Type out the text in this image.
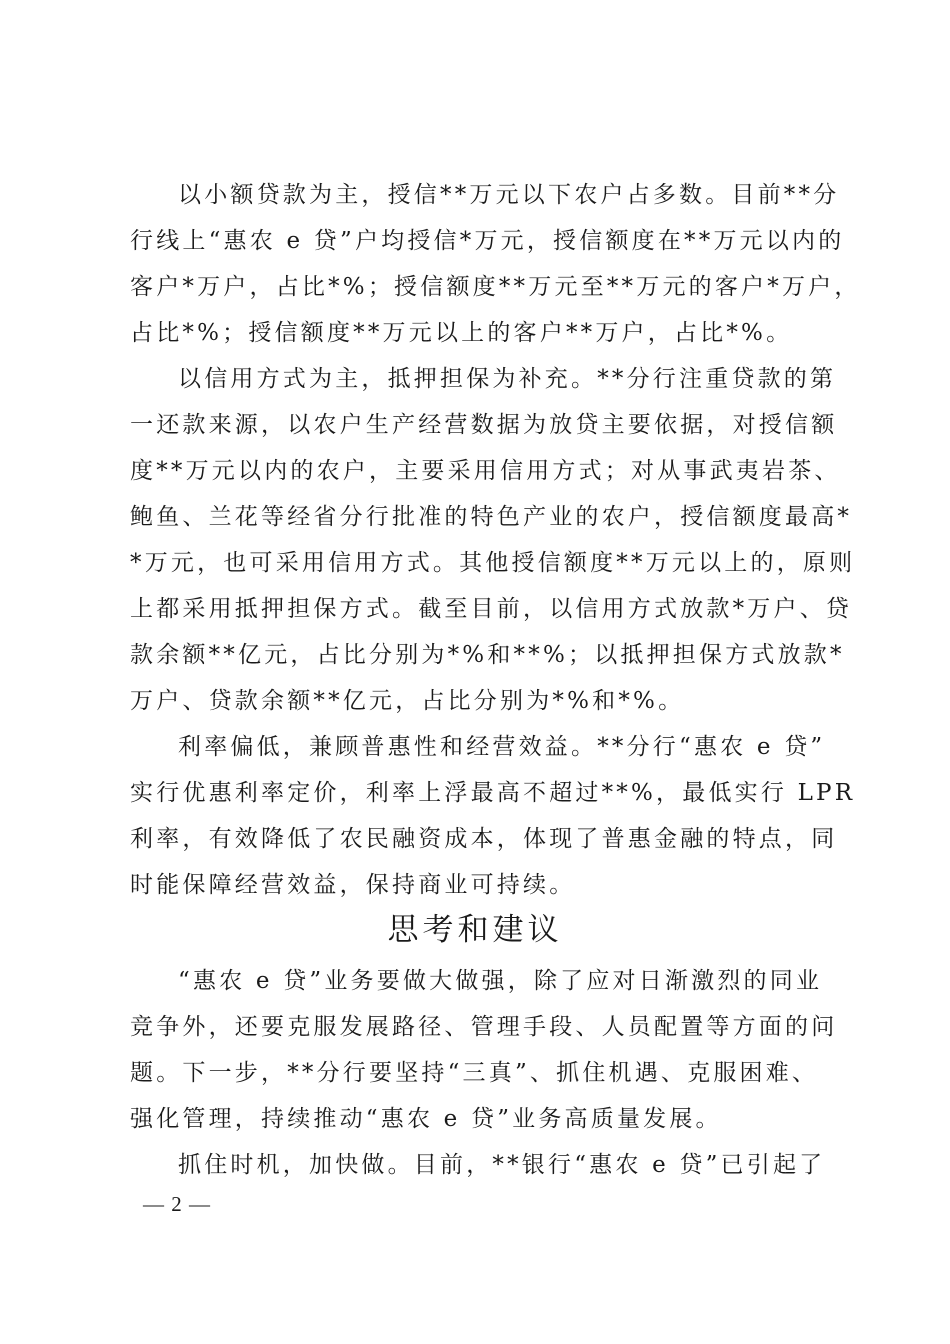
以小额贷款为主，授信**万元以下农户占多数。目前**分
行线上“惠农 e 贷”户均授信*万元，授信额度在**万元以内的
客户*万户，占比*%；授信额度**万元至**万元的客户*万户，
占比*%；授信额度**万元以上的客户**万户，占比*%。
以信用方式为主，抵押担保为补充。**分行注重贷款的第
一还款来源，以农户生产经营数据为放贷主要依据，对授信额
度**万元以内的农户，主要采用信用方式；对从事武夷岩茶、
鲍鱼、兰花等经省分行批准的特色产业的农户，授信额度最高*
*万元，也可采用信用方式。其他授信额度**万元以上的，原则
上都采用抵押担保方式。截至目前，以信用方式放款*万户、贷
款余额**亿元，占比分别为*%和**%；以抵押担保方式放款*
万户、贷款余额**亿元，占比分别为*%和*%。
利率偏低，兼顾普惠性和经营效益。**分行“惠农 e 贷”
实行优惠利率定价，利率上浮最高不超过**%，最低实行 LPR
利率，有效降低了农民融资成本，体现了普惠金融的特点，同
时能保障经营效益，保持商业可持续。
思考和建议
“惠农 e 贷”业务要做大做强，除了应对日渐激烈的同业
竞争外，还要克服发展路径、管理手段、人员配置等方面的问
题。下一步，**分行要坚持“三真”、抓住机遇、克服困难、
强化管理，持续推动“惠农 e 贷”业务高质量发展。
抓住时机，加快做。目前，**银行“惠农 e 贷”已引起了
— 2 —
